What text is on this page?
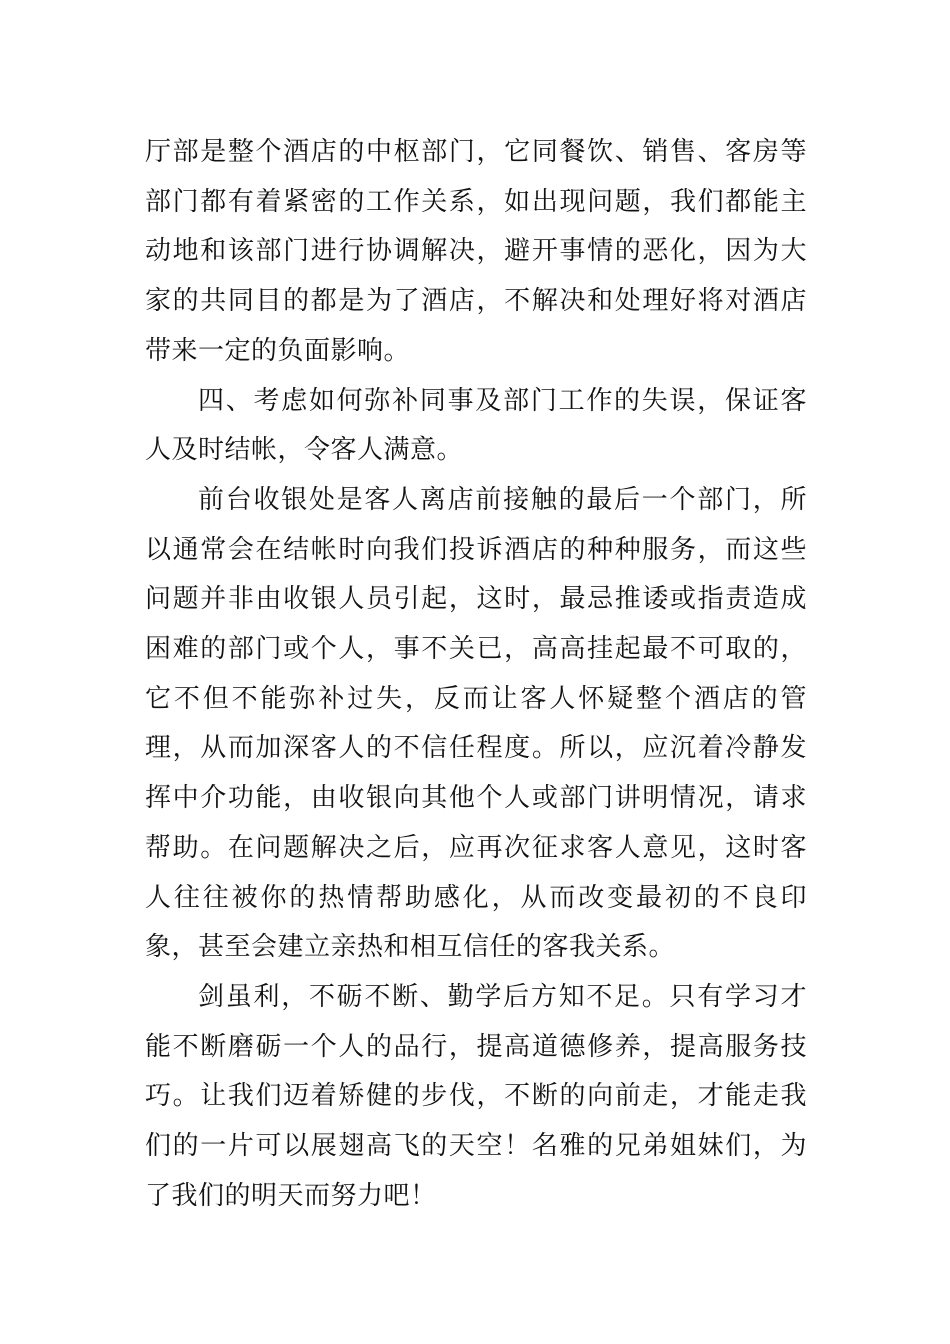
厅部是整个酒店的中枢部门，它同餐饮、销售、客房等部门都有着紧密的工作关系，如出现问题，我们都能主动地和该部门进行协调解决，避开事情的恶化，因为大家的共同目的都是为了酒店，不解决和处理好将对酒店带来一定的负面影响。

四、考虑如何弥补同事及部门工作的失误，保证客人及时结帐，令客人满意。

前台收银处是客人离店前接触的最后一个部门，所以通常会在结帐时向我们投诉酒店的种种服务，而这些问题并非由收银人员引起，这时，最忌推诿或指责造成困难的部门或个人，事不关已，高高挂起最不可取的，它不但不能弥补过失，反而让客人怀疑整个酒店的管理，从而加深客人的不信任程度。所以，应沉着冷静发挥中介功能，由收银向其他个人或部门讲明情况，请求帮助。在问题解决之后，应再次征求客人意见，这时客人往往被你的热情帮助感化，从而改变最初的不良印象，甚至会建立亲热和相互信任的客我关系。

剑虽利，不砺不断、勤学后方知不足。只有学习才能不断磨砺一个人的品行，提高道德修养，提高服务技巧。让我们迈着矫健的步伐，不断的向前走，才能走我们的一片可以展翅高飞的天空！名雅的兄弟姐妹们，为了我们的明天而努力吧！
